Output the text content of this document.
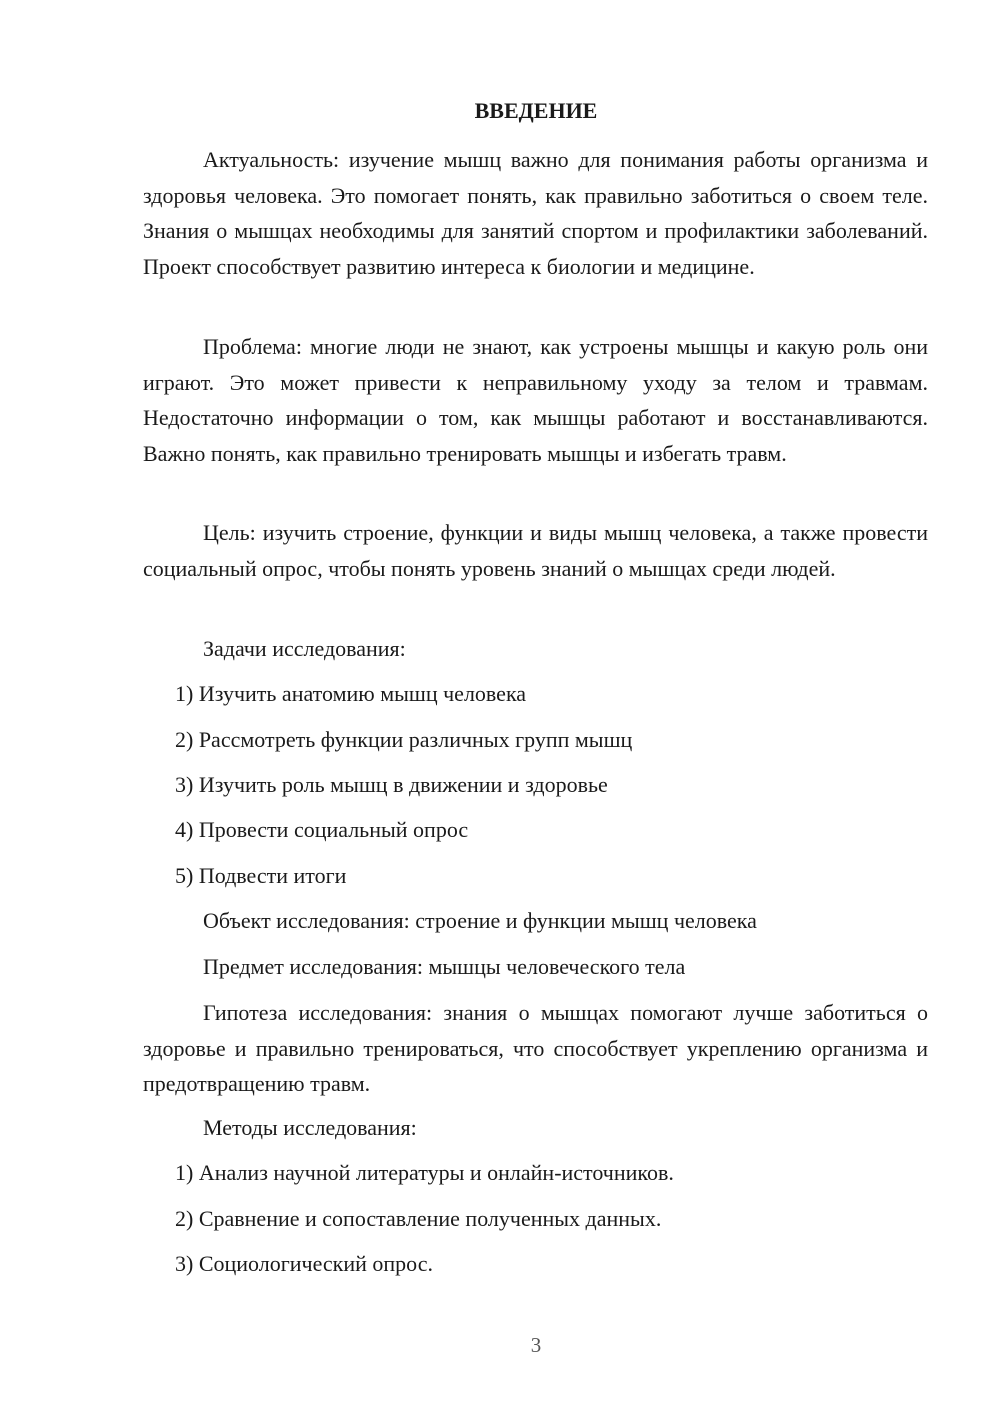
ВВЕДЕНИЕ
Актуальность: изучение мышц важно для понимания работы организма и здоровья человека. Это помогает понять, как правильно заботиться о своем теле. Знания о мышцах необходимы для занятий спортом и профилактики заболеваний. Проект способствует развитию интереса к биологии и медицине.
Проблема: многие люди не знают, как устроены мышцы и какую роль они играют. Это может привести к неправильному уходу за телом и травмам. Недостаточно информации о том, как мышцы работают и восстанавливаются. Важно понять, как правильно тренировать мышцы и избегать травм.
Цель: изучить строение, функции и виды мышц человека, а также провести социальный опрос, чтобы понять уровень знаний о мышцах среди людей.
Задачи исследования:
1) Изучить анатомию мышц человека
2) Рассмотреть функции различных групп мышц
3) Изучить роль мышц в движении и здоровье
4) Провести социальный опрос
5) Подвести итоги
Объект исследования: строение и функции мышц человека
Предмет исследования: мышцы человеческого тела
Гипотеза исследования: знания о мышцах помогают лучше заботиться о здоровье и правильно тренироваться, что способствует укреплению организма и предотвращению травм.
Методы исследования:
1) Анализ научной литературы и онлайн-источников.
2) Сравнение и сопоставление полученных данных.
3) Социологический опрос.
3
